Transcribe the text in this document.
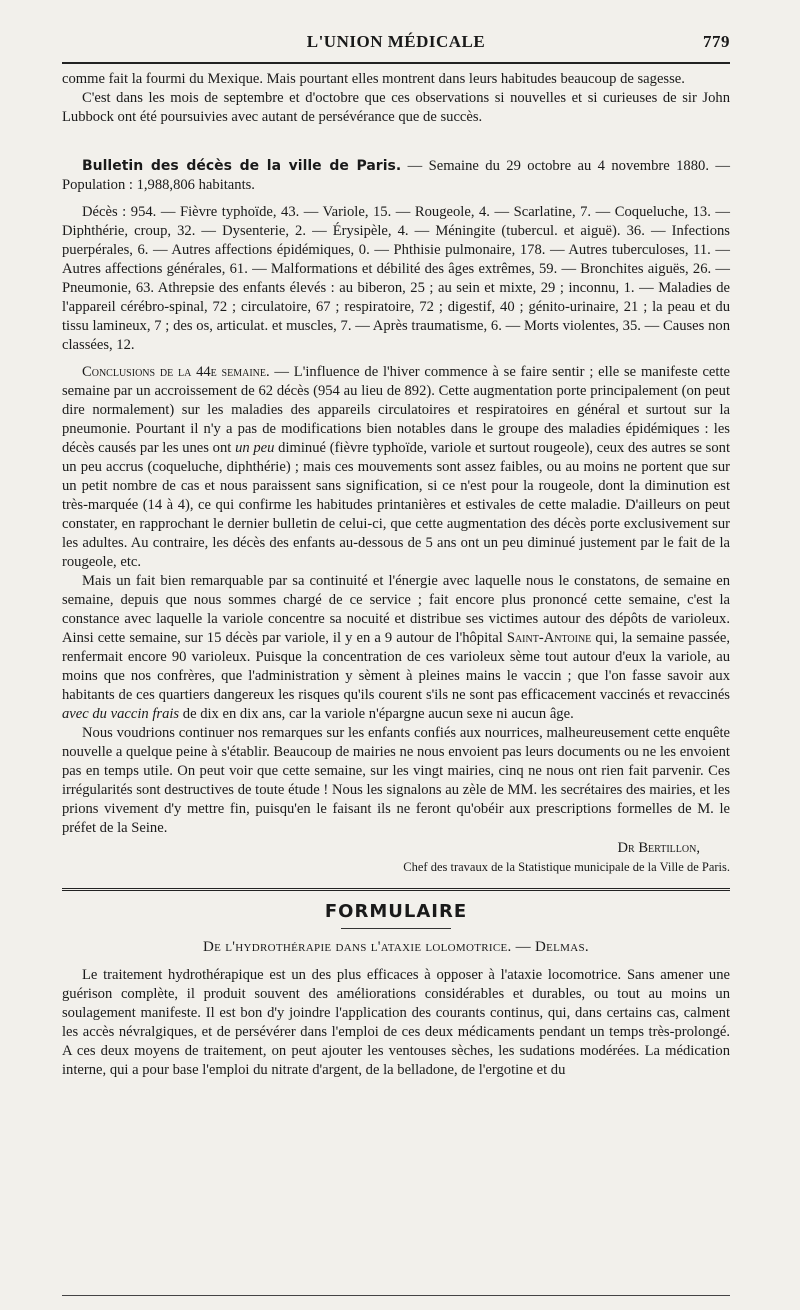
L'UNION MÉDICALE	779

comme fait la fourmi du Mexique. Mais pourtant elles montrent dans leurs habitudes beaucoup de sagesse.

C'est dans les mois de septembre et d'octobre que ces observations si nouvelles et si curieuses de sir John Lubbock ont été poursuivies avec autant de persévérance que de succès.

Bulletin des décès de la ville de Paris. — Semaine du 29 octobre au 4 novembre 1880. — Population : 1,988,806 habitants.

Décès : 954. — Fièvre typhoïde, 43. — Variole, 15. — Rougeole, 4. — Scarlatine, 7. — Coqueluche, 13. — Diphthérie, croup, 32. — Dysenterie, 2. — Érysipèle, 4. — Méningite (tubercul. et aiguë). 36. — Infections puerpérales, 6. — Autres affections épidémiques, 0. — Phthisie pulmonaire, 178. — Autres tuberculoses, 11. — Autres affections générales, 61. — Malformations et débilité des âges extrêmes, 59. — Bronchites aiguës, 26. — Pneumonie, 63. Athrepsie des enfants élevés : au biberon, 25 ; au sein et mixte, 29 ; inconnu, 1. — Maladies de l'appareil cérébro-spinal, 72 ; circulatoire, 67 ; respiratoire, 72 ; digestif, 40 ; génito-urinaire, 21 ; la peau et du tissu lamineux, 7 ; des os, articulat. et muscles, 7. — Après traumatisme, 6. — Morts violentes, 35. — Causes non classées, 12.

Conclusions de la 44e semaine. — L'influence de l'hiver commence à se faire sentir ; elle se manifeste cette semaine par un accroissement de 62 décès (954 au lieu de 892). Cette augmentation porte principalement (on peut dire normalement) sur les maladies des appareils circulatoires et respiratoires en général et surtout sur la pneumonie. Pourtant il n'y a pas de modifications bien notables dans le groupe des maladies épidémiques : les décès causés par les unes ont un peu diminué (fièvre typhoïde, variole et surtout rougeole), ceux des autres se sont un peu accrus (coqueluche, diphthérie) ; mais ces mouvements sont assez faibles, ou au moins ne portent que sur un petit nombre de cas et nous paraissent sans signification, si ce n'est pour la rougeole, dont la diminution est très-marquée (14 à 4), ce qui confirme les habitudes printanières et estivales de cette maladie. D'ailleurs on peut constater, en rapprochant le dernier bulletin de celui-ci, que cette augmentation des décès porte exclusivement sur les adultes. Au contraire, les décès des enfants au-dessous de 5 ans ont un peu diminué justement par le fait de la rougeole, etc.

Mais un fait bien remarquable par sa continuité et l'énergie avec laquelle nous le constatons, de semaine en semaine, depuis que nous sommes chargé de ce service ; fait encore plus prononcé cette semaine, c'est la constance avec laquelle la variole concentre sa nocuité et distribue ses victimes autour des dépôts de varioleux. Ainsi cette semaine, sur 15 décès par variole, il y en a 9 autour de l'hôpital Saint-Antoine qui, la semaine passée, renfermait encore 90 varioleux. Puisque la concentration de ces varioleux sème tout autour d'eux la variole, au moins que nos confrères, que l'administration y sèment à pleines mains le vaccin ; que l'on fasse savoir aux habitants de ces quartiers dangereux les risques qu'ils courent s'ils ne sont pas efficacement vaccinés et revaccinés avec du vaccin frais de dix en dix ans, car la variole n'épargne aucun sexe ni aucun âge.

Nous voudrions continuer nos remarques sur les enfants confiés aux nourrices, malheureusement cette enquête nouvelle a quelque peine à s'établir. Beaucoup de mairies ne nous envoient pas leurs documents ou ne les envoient pas en temps utile. On peut voir que cette semaine, sur les vingt mairies, cinq ne nous ont rien fait parvenir. Ces irrégularités sont destructives de toute étude ! Nous les signalons au zèle de MM. les secrétaires des mairies, et les prions vivement d'y mettre fin, puisqu'en le faisant ils ne feront qu'obéir aux prescriptions formelles de M. le préfet de la Seine.

Dr Bertillon,
Chef des travaux de la Statistique municipale de la Ville de Paris.
FORMULAIRE
De l'hydrothérapie dans l'ataxie lolomotrice. — Delmas.

Le traitement hydrothérapique est un des plus efficaces à opposer à l'ataxie locomotrice. Sans amener une guérison complète, il produit souvent des améliorations considérables et durables, ou tout au moins un soulagement manifeste. Il est bon d'y joindre l'application des courants continus, qui, dans certains cas, calment les accès névralgiques, et de persévérer dans l'emploi de ces deux médicaments pendant un temps très-prolongé. A ces deux moyens de traitement, on peut ajouter les ventouses sèches, les sudations modérées. La médication interne, qui a pour base l'emploi du nitrate d'argent, de la belladone, de l'ergotine et du
